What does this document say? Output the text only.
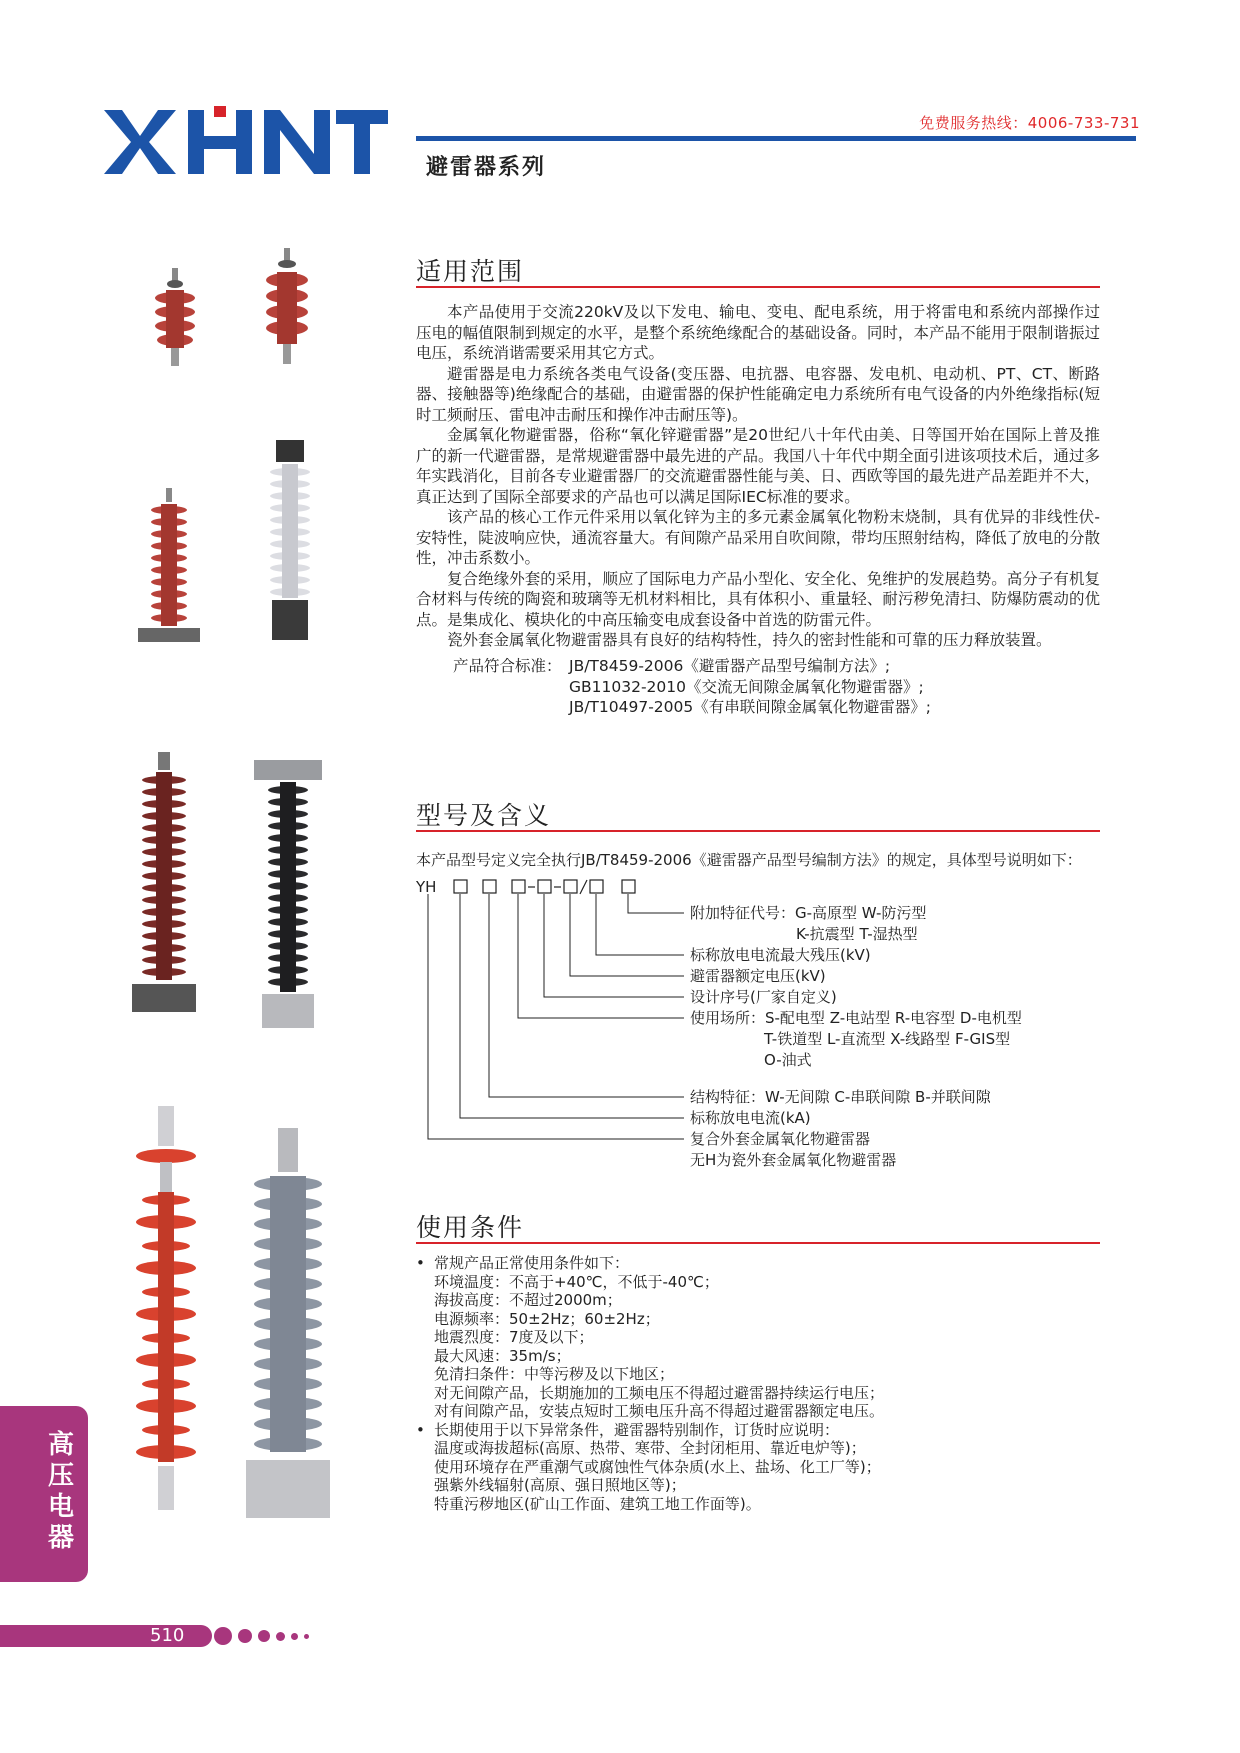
免费服务热线：4006-733-731
避雷器系列
适用范围

本产品使用于交流220kV及以下发电、输电、变电、配电系统，用于将雷电和系统内部操作过压电的幅值限制到规定的水平，是整个系统绝缘配合的基础设备。同时，本产品不能用于限制谐振过电压，系统消谐需要采用其它方式。

避雷器是电力系统各类电气设备(变压器、电抗器、电容器、发电机、电动机、PT、CT、断路器、接触器等)绝缘配合的基础，由避雷器的保护性能确定电力系统所有电气设备的内外绝缘指标(短时工频耐压、雷电冲击耐压和操作冲击耐压等)。

金属氧化物避雷器，俗称“氧化锌避雷器”是20世纪八十年代由美、日等国开始在国际上普及推广的新一代避雷器，是常规避雷器中最先进的产品。我国八十年代中期全面引进该项技术后，通过多年实践消化，目前各专业避雷器厂的交流避雷器性能与美、日、西欧等国的最先进产品差距并不大，真正达到了国际全部要求的产品也可以满足国际IEC标准的要求。

该产品的核心工作元件采用以氧化锌为主的多元素金属氧化物粉末烧制，具有优异的非线性伏-安特性，陡波响应快，通流容量大。有间隙产品采用自吹间隙，带均压照射结构，降低了放电的分散性，冲击系数小。

复合绝缘外套的采用，顺应了国际电力产品小型化、安全化、免维护的发展趋势。高分子有机复合材料与传统的陶瓷和玻璃等无机材料相比，具有体积小、重量轻、耐污秽免清扫、防爆防震动的优点。是集成化、模块化的中高压输变电成套设备中首选的防雷元件。

瓷外套金属氧化物避雷器具有良好的结构特性，持久的密封性能和可靠的压力释放装置。

产品符合标准： JB/T8459-2006《避雷器产品型号编制方法》;
GB11032-2010《交流无间隙金属氧化物避雷器》;
JB/T10497-2005《有串联间隙金属氧化物避雷器》;
型号及含义
本产品型号定义完全执行JB/T8459-2006《避雷器产品型号编制方法》的规定，具体型号说明如下：
YH
附加特征代号：G-高原型 W-防污型
K-抗震型 T-湿热型
标称放电电流最大残压(kV)
避雷器额定电压(kV)
设计序号(厂家自定义)
使用场所：S-配电型 Z-电站型 R-电容型 D-电机型
T-铁道型 L-直流型 X-线路型 F-GIS型
O-油式
结构特征：W-无间隙 C-串联间隙 B-并联间隙
标称放电电流(kA)
复合外套金属氧化物避雷器
无H为瓷外套金属氧化物避雷器
使用条件
• 常规产品正常使用条件如下：
环境温度：不高于+40℃，不低于-40℃；
海拔高度：不超过2000m；
电源频率：50±2Hz；60±2Hz；
地震烈度：7度及以下；
最大风速：35m/s；
免清扫条件：中等污秽及以下地区；
对无间隙产品，长期施加的工频电压不得超过避雷器持续运行电压；
对有间隙产品，安装点短时工频电压升高不得超过避雷器额定电压。
• 长期使用于以下异常条件，避雷器特别制作，订货时应说明：
温度或海拔超标(高原、热带、寒带、全封闭柜用、靠近电炉等)；
使用环境存在严重潮气或腐蚀性气体杂质(水上、盐场、化工厂等)；
强紫外线辐射(高原、强日照地区等)；
特重污秽地区(矿山工作面、建筑工地工作面等)。
高压电器
510
